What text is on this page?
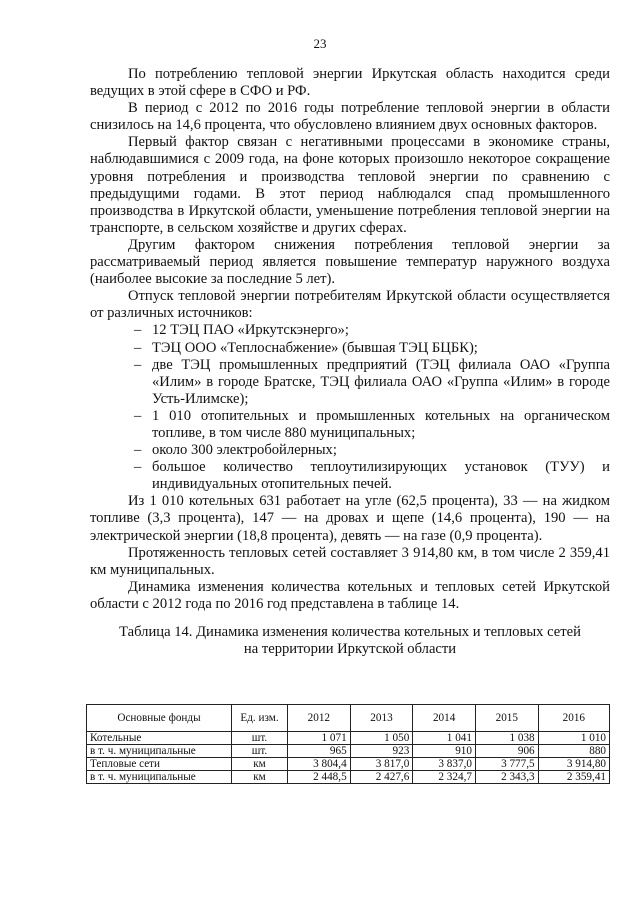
23

По потреблению тепловой энергии Иркутская область находится среди ведущих в этой сфере в СФО и РФ.

В период с 2012 по 2016 годы потребление тепловой энергии в области снизилось на 14,6 процента, что обусловлено влиянием двух основных факторов.

Первый фактор связан с негативными процессами в экономике страны, наблюдавшимися с 2009 года, на фоне которых произошло некоторое сокращение уровня потребления и производства тепловой энергии по сравнению с предыдущими годами. В этот период наблюдался спад промышленного производства в Иркутской области, уменьшение потребления тепловой энергии на транспорте, в сельском хозяйстве и других сферах.

Другим фактором снижения потребления тепловой энергии за рассматриваемый период является повышение температур наружного воздуха (наиболее высокие за последние 5 лет).

Отпуск тепловой энергии потребителям Иркутской области осуществляется от различных источников:

– 12 ТЭЦ ПАО «Иркутскэнерго»;
– ТЭЦ ООО «Теплоснабжение» (бывшая ТЭЦ БЦБК);
– две ТЭЦ промышленных предприятий (ТЭЦ филиала ОАО «Группа «Илим» в городе Братске, ТЭЦ филиала ОАО «Группа «Илим» в городе Усть-Илимске);
– 1 010 отопительных и промышленных котельных на органическом топливе, в том числе 880 муниципальных;
– около 300 электробойлерных;
– большое количество теплоутилизирующих установок (ТУУ) и индивидуальных отопительных печей.

Из 1 010 котельных 631 работает на угле (62,5 процента), 33 — на жидком топливе (3,3 процента), 147 — на дровах и щепе (14,6 процента), 190 — на электрической энергии (18,8 процента), девять — на газе (0,9 процента).

Протяженность тепловых сетей составляет 3 914,80 км, в том числе 2 359,41 км муниципальных.

Динамика изменения количества котельных и тепловых сетей Иркутской области с 2012 года по 2016 год представлена в таблице 14.

Таблица 14. Динамика изменения количества котельных и тепловых сетей
на территории Иркутской области
Основные фонды	Ед. изм.	2012	2013	2014	2015	2016
Котельные	шт.	1 071	1 050	1 041	1 038	1 010
в т. ч. муниципальные	шт.	965	923	910	906	880
Тепловые сети	км	3 804,4	3 817,0	3 837,0	3 777,5	3 914,80
в т. ч. муниципальные	км	2 448,5	2 427,6	2 324,7	2 343,3	2 359,41
